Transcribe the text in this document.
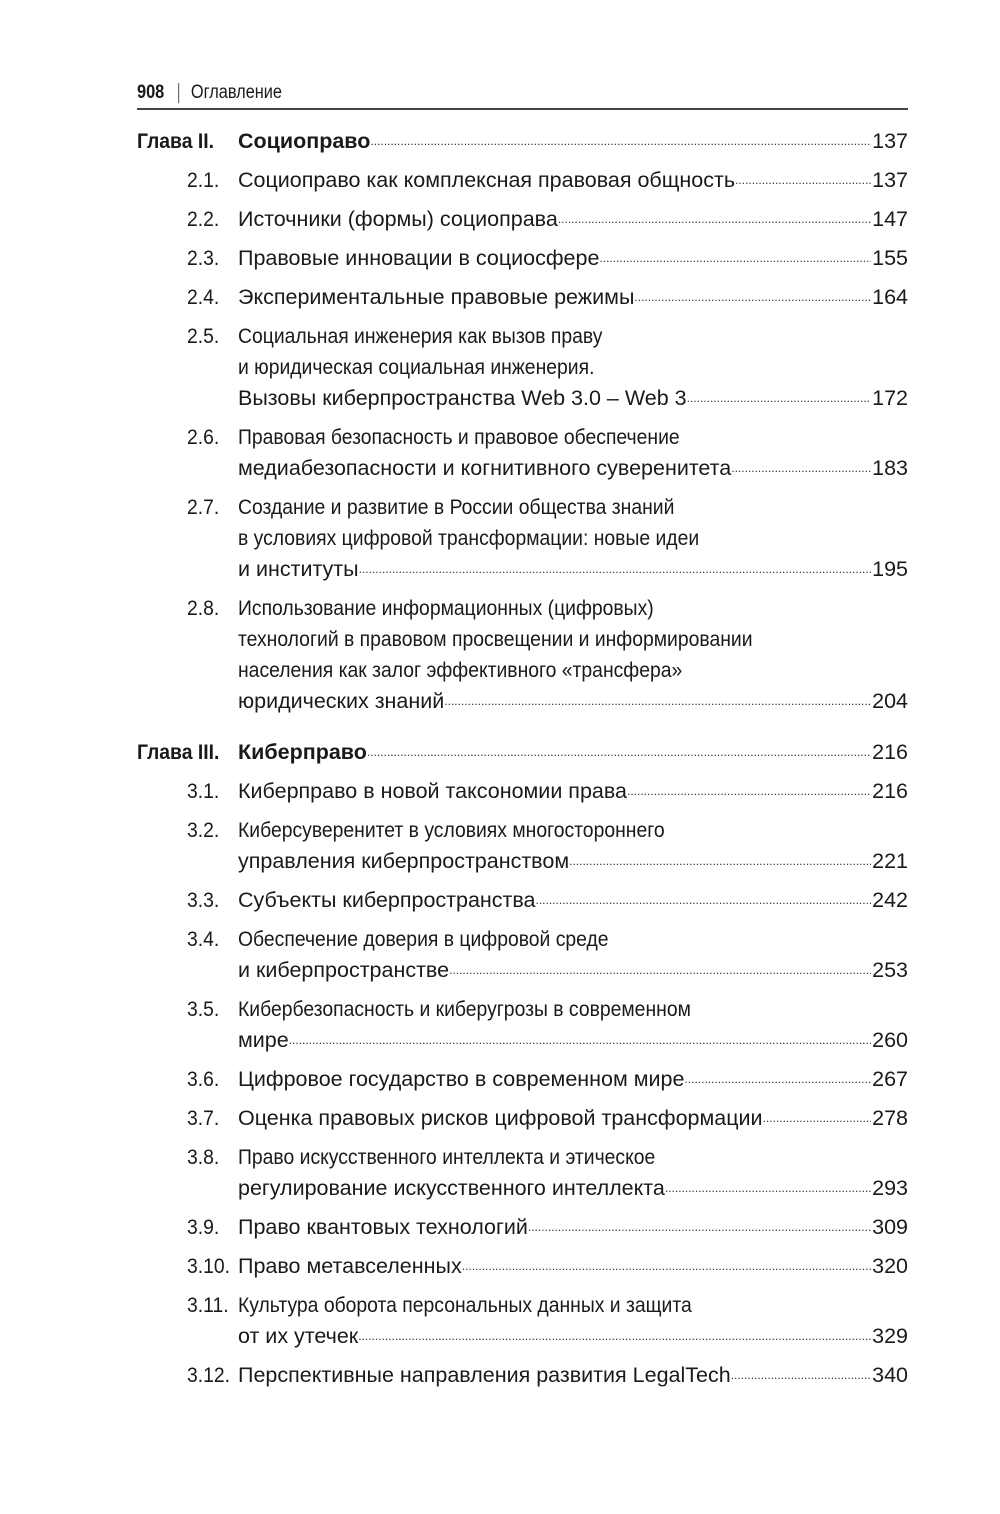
908 Оглавление
Глава II.	Социоправо .....	137
2.1. Социоправо как комплексная правовая общность .....	137
2.2. Источники (формы) социоправа .....	147
2.3. Правовые инновации в социосфере .....	155
2.4. Экспериментальные правовые режимы .....	164
2.5. Социальная инженерия как вызов праву
и юридическая социальная инженерия.
Вызовы киберпространства Web 3.0 – Web 3 .....	172
2.6. Правовая безопасность и правовое обеспечение
медиабезопасности и когнитивного суверенитета .....	183
2.7. Создание и развитие в России общества знаний
в условиях цифровой трансформации: новые идеи
и институты .....	195
2.8. Использование информационных (цифровых)
технологий в правовом просвещении и информировании
населения как залог эффективного «трансфера»
юридических знаний .....	204
Глава III. Киберправо .....	216
3.1. Киберправо в новой таксономии права .....	216
3.2. Киберсуверенитет в условиях многостороннего
управления киберпространством .....	221
3.3. Субъекты киберпространства .....	242
3.4. Обеспечение доверия в цифровой среде
и киберпространстве .....	253
3.5. Кибербезопасность и киберугрозы в современном
мире .....	260
3.6. Цифровое государство в современном мире .....	267
3.7. Оценка правовых рисков цифровой трансформации .....	278
3.8. Право искусственного интеллекта и этическое
регулирование искусственного интеллекта .....	293
3.9. Право квантовых технологий .....	309
3.10. Право метавселенных .....	320
3.11. Культура оборота персональных данных и защита
от их утечек .....	329
3.12. Перспективные направления развития LegalTech .....	340
